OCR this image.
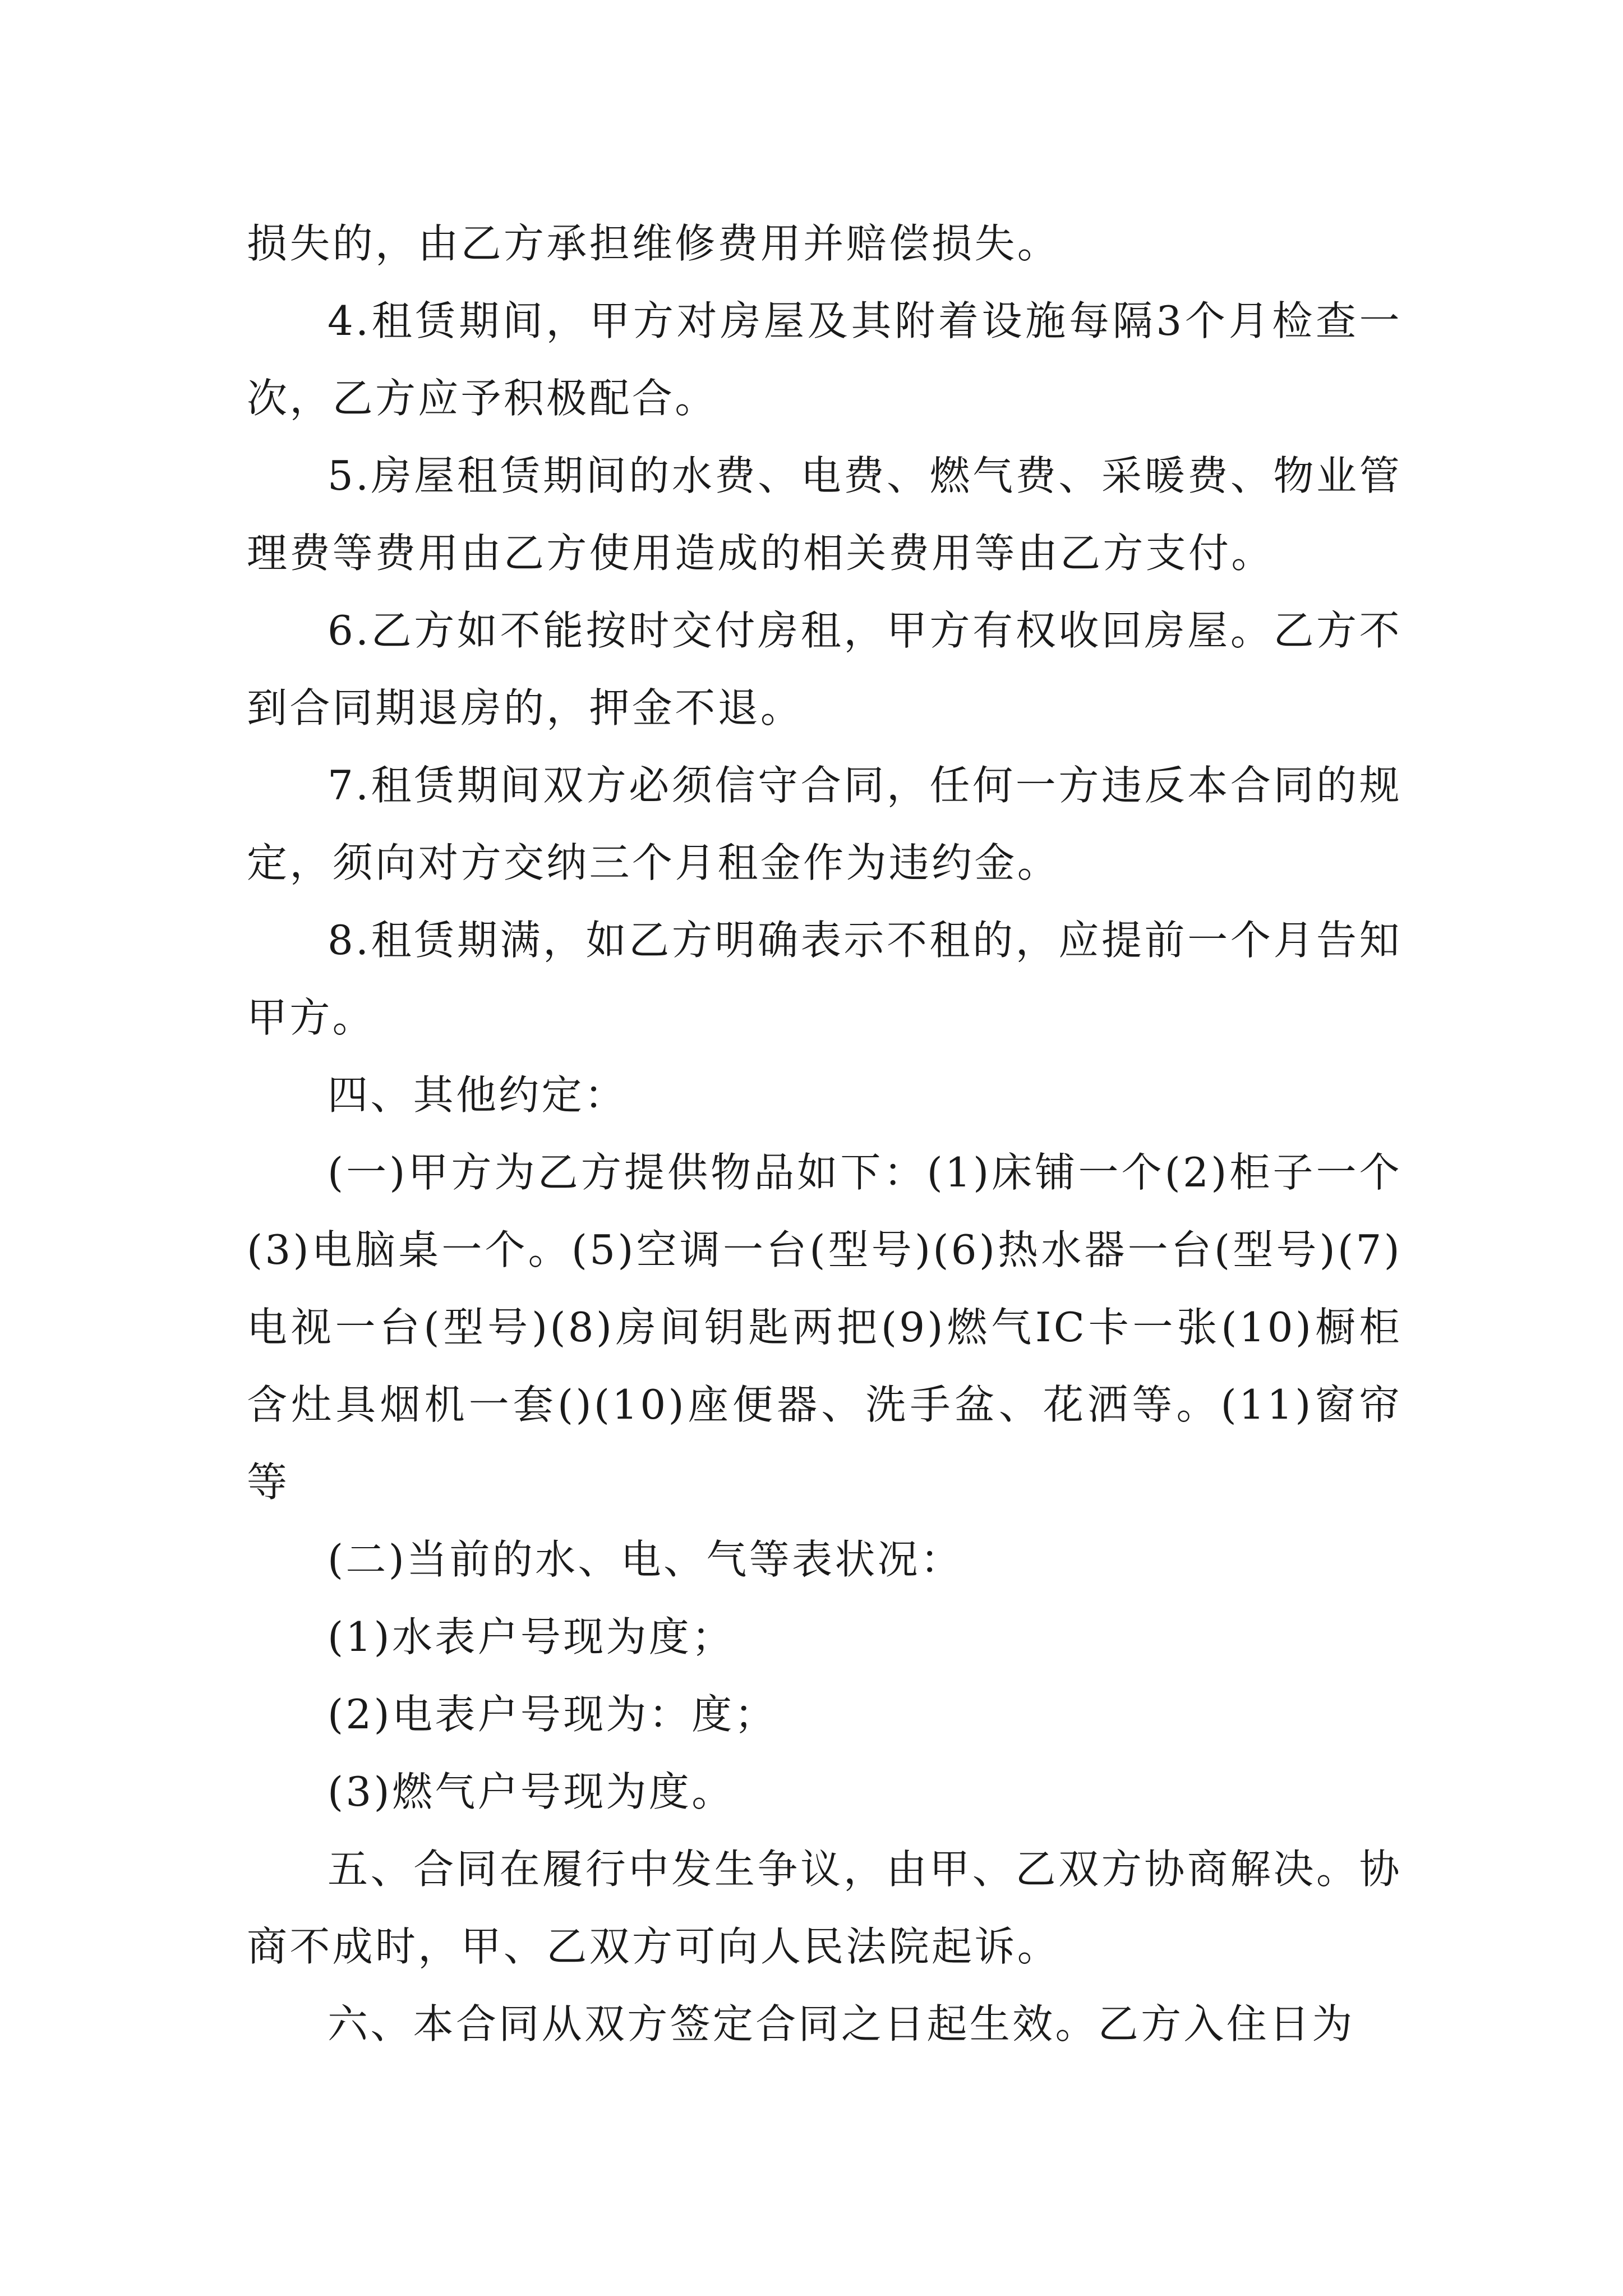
损失的，由乙方承担维修费用并赔偿损失。

4.租赁期间，甲方对房屋及其附着设施每隔3个月检查一次，乙方应予积极配合。

5.房屋租赁期间的水费、电费、燃气费、采暖费、物业管理费等费用由乙方使用造成的相关费用等由乙方支付。

6.乙方如不能按时交付房租，甲方有权收回房屋。乙方不到合同期退房的，押金不退。

7.租赁期间双方必须信守合同，任何一方违反本合同的规定，须向对方交纳三个月租金作为违约金。

8.租赁期满，如乙方明确表示不租的，应提前一个月告知甲方。

四、其他约定：

(一)甲方为乙方提供物品如下：(1)床铺一个(2)柜子一个(3)电脑桌一个。(5)空调一台(型号)(6)热水器一台(型号)(7)电视一台(型号)(8)房间钥匙两把(9)燃气IC卡一张(10)橱柜含灶具烟机一套()(10)座便器、洗手盆、花洒等。(11)窗帘等

(二)当前的水、电、气等表状况：

(1)水表户号现为度；

(2)电表户号现为：度；

(3)燃气户号现为度。

五、合同在履行中发生争议，由甲、乙双方协商解决。协商不成时，甲、乙双方可向人民法院起诉。

六、本合同从双方签定合同之日起生效。乙方入住日为
